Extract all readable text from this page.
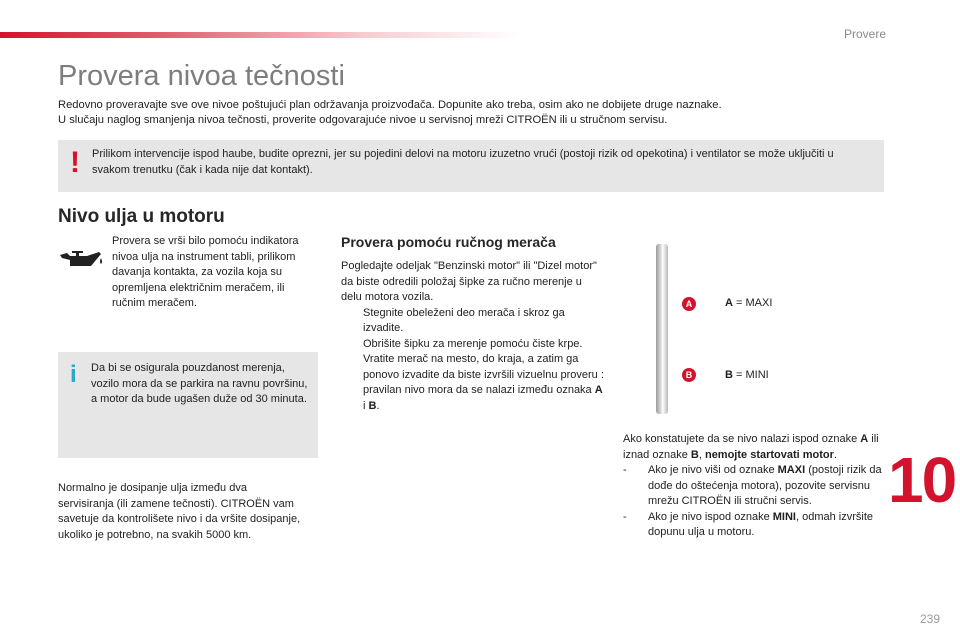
Provere
Provera nivoa tečnosti

Redovno proveravajte sve ove nivoe poštujući plan održavanja proizvođača. Dopunite ako treba, osim ako ne dobijete druge naznake.

U slučaju naglog smanjenja nivoa tečnosti, proverite odgovarajuće nivoe u servisnoj mreži CITROËN ili u stručnom servisu.

! Prilikom intervencije ispod haube, budite oprezni, jer su pojedini delovi na motoru izuzetno vrući (postoji rizik od opekotina) i ventilator se može uključiti u svakom trenutku (čak i kada nije dat kontakt).
Nivo ulja u motoru
Provera se vrši bilo pomoću indikatora nivoa ulja na instrument tabli, prilikom davanja kontakta, za vozila koja su opremljena električnim meračem, ili ručnim meračem.
i Da bi se osigurala pouzdanost merenja, vozilo mora da se parkira na ravnu površinu, a motor da bude ugašen duže od 30 minuta.
Normalno je dosipanje ulja između dva servisiranja (ili zamene tečnosti). CITROËN vam savetuje da kontrolišete nivo i da vršite dosipanje, ukoliko je potrebno, na svakih 5000 km.
Provera pomoću ručnog merača

Pogledajte odeljak "Benzinski motor" ili "Dizel motor" da biste odredili položaj šipke za ručno merenje u delu motora vozila.

Stegnite obeleženi deo merača i skroz ga izvadite.
Obrišite šipku za merenje pomoću čiste krpe.
Vratite merač na mesto, do kraja, a zatim ga ponovo izvadite da biste izvršili vizuelnu proveru : pravilan nivo mora da se nalazi između oznaka A i B.
A
B
A = MAXI
B = MINI

Ako konstatujete da se nivo nalazi ispod oznake A ili iznad oznake B, nemojte startovati motor.

- Ako je nivo viši od oznake MAXI (postoji rizik da dođe do oštećenja motora), pozovite servisnu mrežu CITROËN ili stručni servis.
- Ako je nivo ispod oznake MINI, odmah izvršite dopunu ulja u motoru.
10
239
